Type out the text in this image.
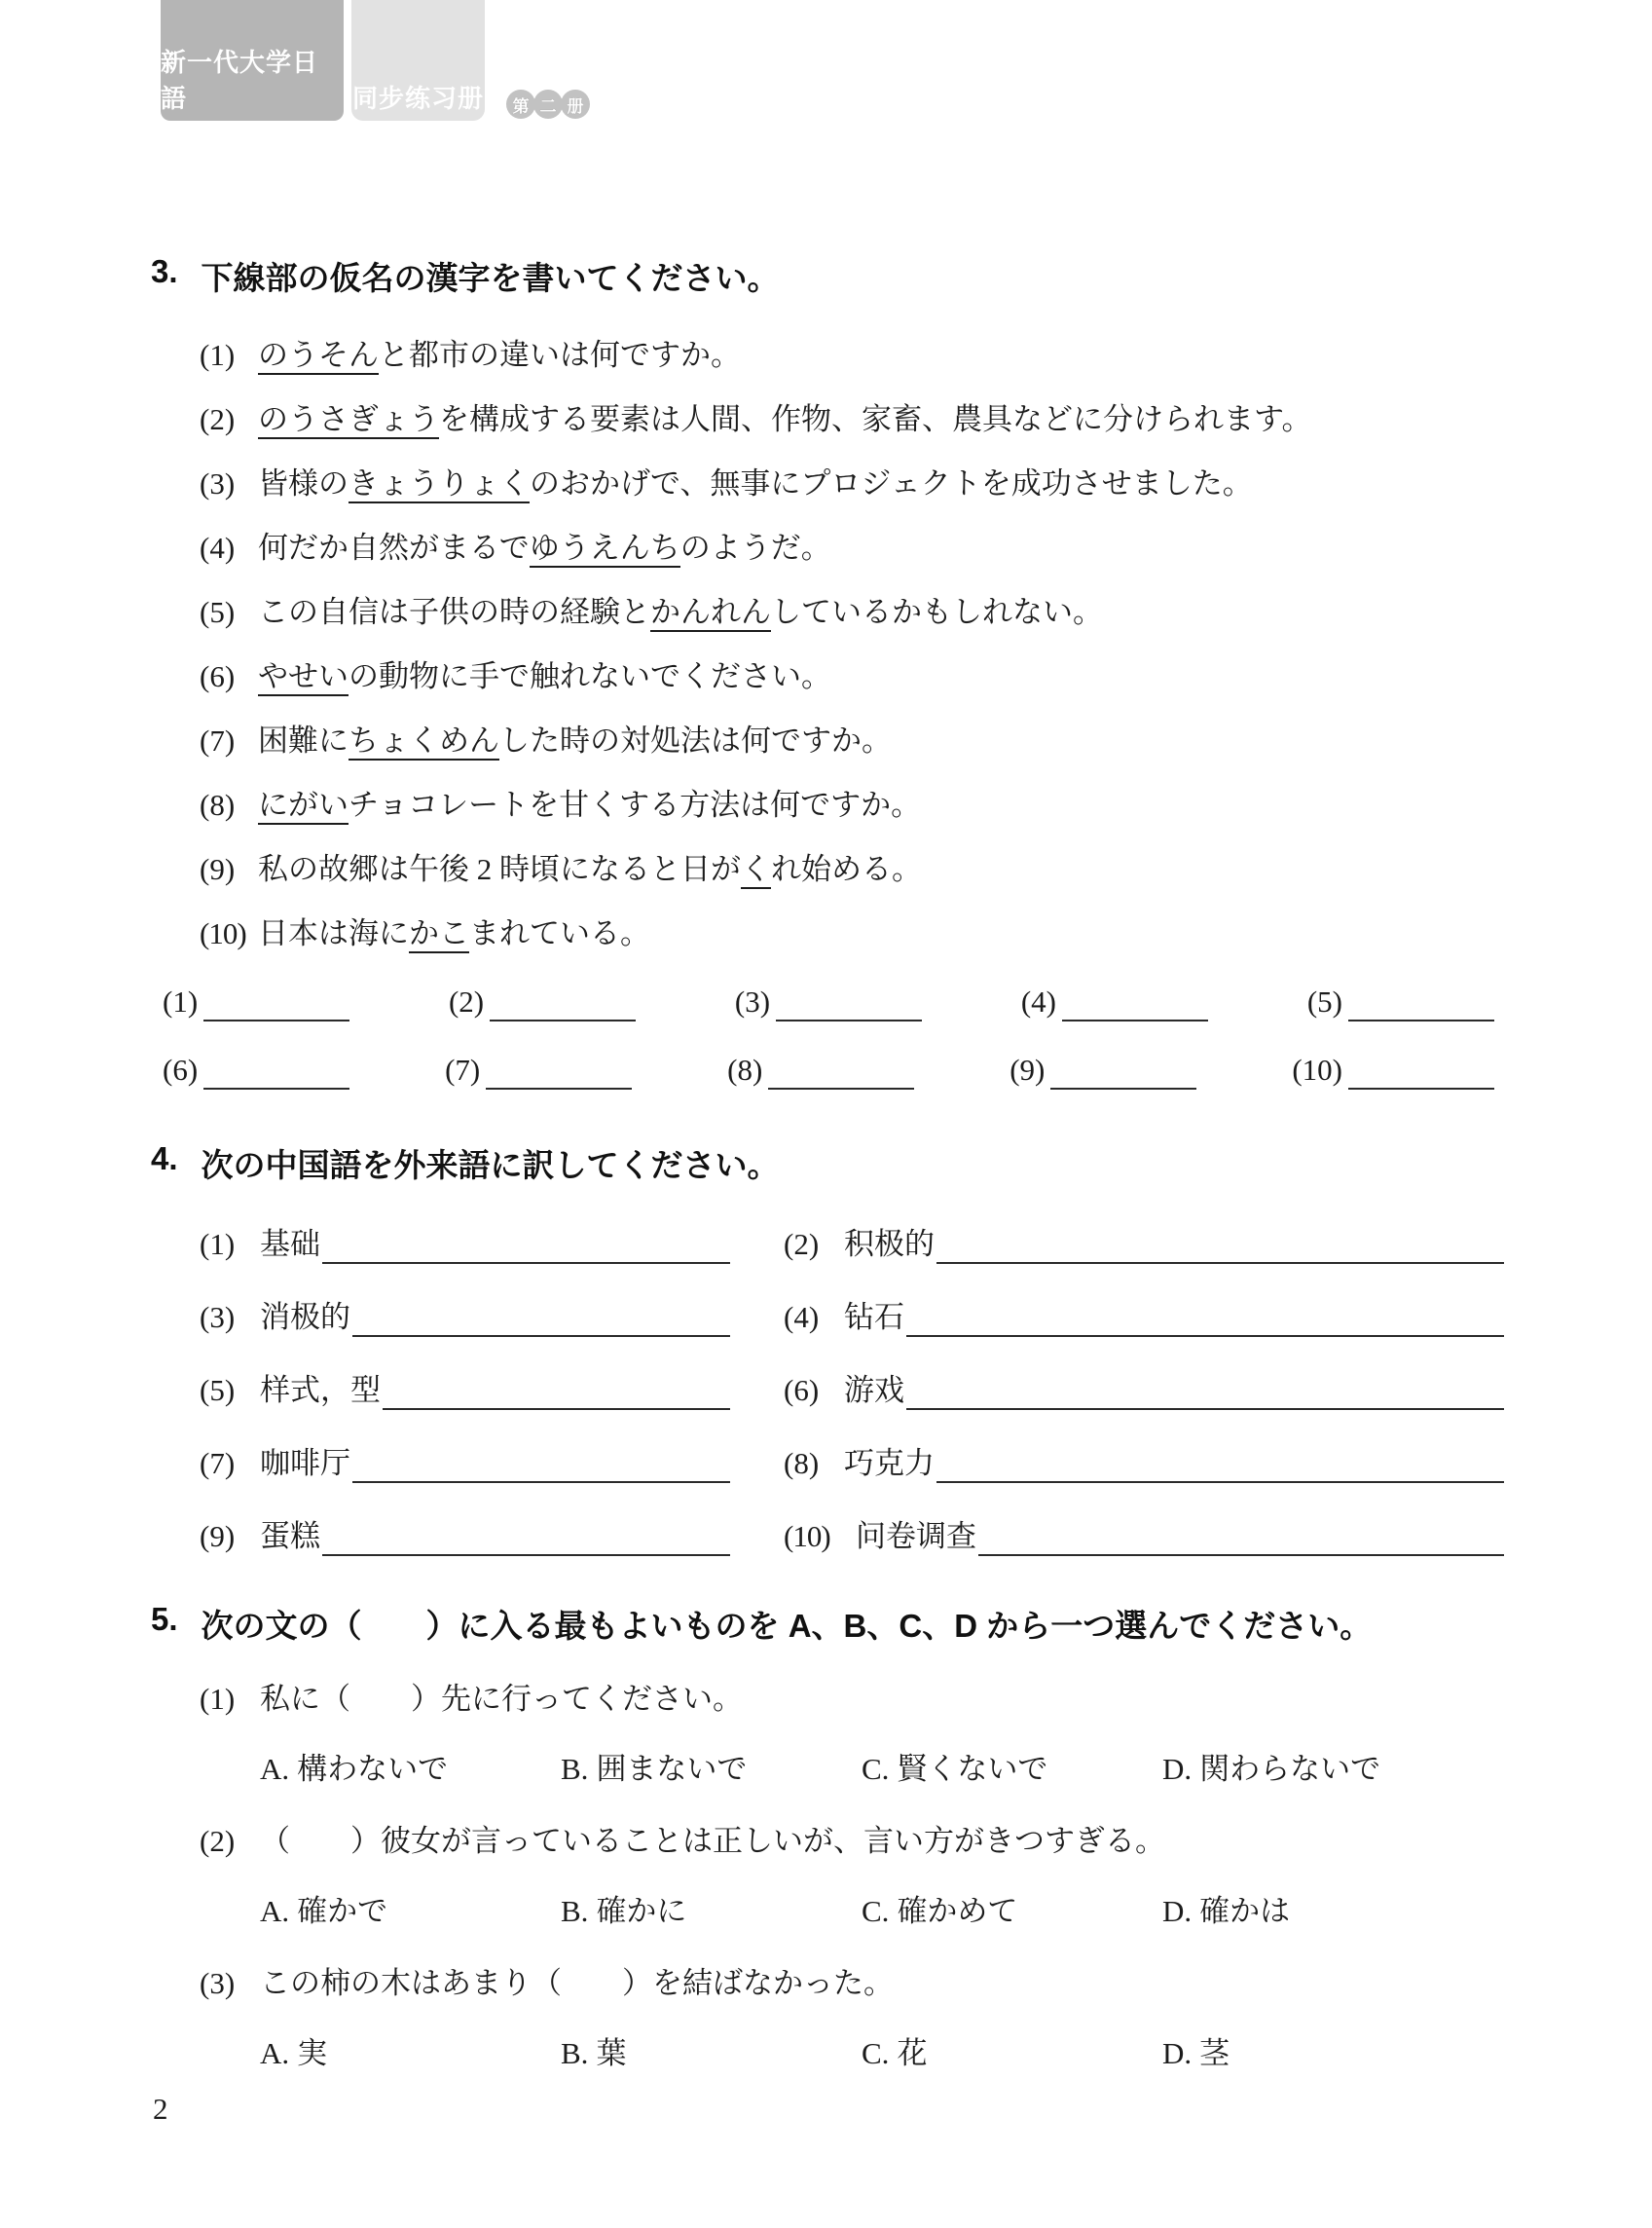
新一代大学日語	同步练习册	第 二 册
3. 下線部の仮名の漢字を書いてください。
(1) のうそんと都市の違いは何ですか。
(2) のうさぎょうを構成する要素は人間、作物、家畜、農具などに分けられます。
(3) 皆様のきょうりょくのおかげで、無事にプロジェクトを成功させました。
(4) 何だか自然がまるでゆうえんちのようだ。
(5) この自信は子供の時の経験とかんれんしているかもしれない。
(6) やせいの動物に手で触れないでください。
(7) 困難にちょくめんした時の対処法は何ですか。
(8) にがいチョコレートを甘くする方法は何ですか。
(9) 私の故郷は午後 2 時頃になると日がくれ始める。
(10) 日本は海にかこまれている。
(1)	(2)	(3)	(4)	(5)
(6)	(7)	(8)	(9)	(10)
4. 次の中国語を外来語に訳してください。
(1) 基础	(2) 积极的
(3) 消极的	(4) 钻石
(5) 样式，型	(6) 游戏
(7) 咖啡厅	(8) 巧克力
(9) 蛋糕	(10) 问卷调查
5. 次の文の（　　）に入る最もよいものを A、B、C、D から一つ選んでください。
(1) 私に（　　）先に行ってください。
A. 構わないで	B. 囲まないで	C. 賢くないで	D. 関わらないで
(2) （　　）彼女が言っていることは正しいが、言い方がきつすぎる。
A. 確かで	B. 確かに	C. 確かめて	D. 確かは
(3) この柿の木はあまり（　　）を結ばなかった。
A. 実	B. 葉	C. 花	D. 茎
2
